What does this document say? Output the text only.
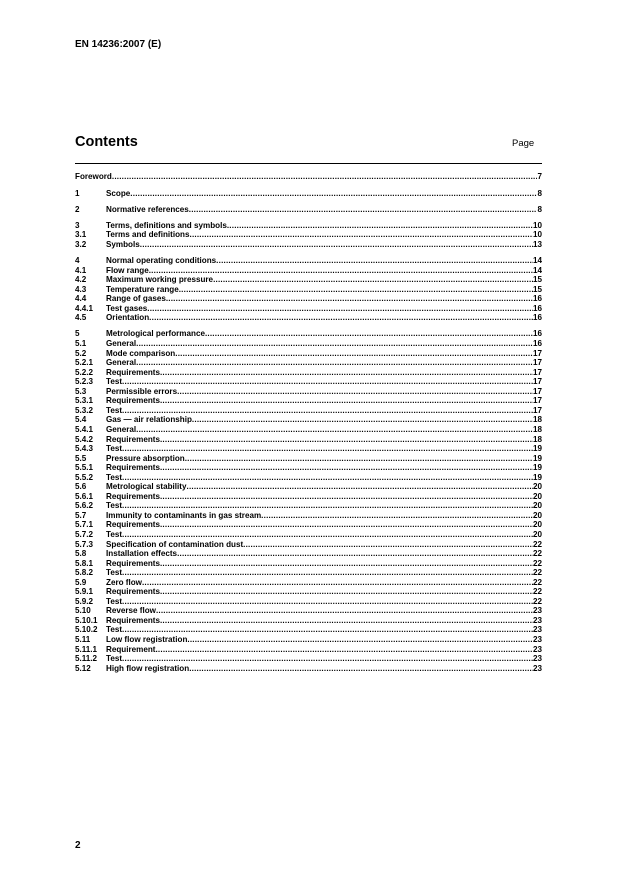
EN 14236:2007 (E)
Contents	Page
Foreword .....	7
1	Scope .....	8
2	Normative references .....	8
3	Terms, definitions and symbols .....	10
3.1	Terms and definitions .....	10
3.2	Symbols .....	13
4	Normal operating conditions .....	14
4.1	Flow range .....	14
4.2	Maximum working pressure .....	15
4.3	Temperature range .....	15
4.4	Range of gases .....	16
4.4.1	Test gases .....	16
4.5	Orientation .....	16
5	Metrological performance .....	16
5.1	General .....	16
5.2	Mode comparison .....	17
5.2.1	General .....	17
5.2.2	Requirements .....	17
5.2.3	Test .....	17
5.3	Permissible errors .....	17
5.3.1	Requirements .....	17
5.3.2	Test .....	17
5.4	Gas — air relationship .....	18
5.4.1	General .....	18
5.4.2	Requirements .....	18
5.4.3	Test .....	19
5.5	Pressure absorption .....	19
5.5.1	Requirements .....	19
5.5.2	Test .....	19
5.6	Metrological stability .....	20
5.6.1	Requirements .....	20
5.6.2	Test .....	20
5.7	Immunity to contaminants in gas stream .....	20
5.7.1	Requirements .....	20
5.7.2	Test .....	20
5.7.3	Specification of contamination dust .....	22
5.8	Installation effects .....	22
5.8.1	Requirements .....	22
5.8.2	Test .....	22
5.9	Zero flow .....	22
5.9.1	Requirements .....	22
5.9.2	Test .....	22
5.10	Reverse flow .....	23
5.10.1	Requirements .....	23
5.10.2	Test .....	23
5.11	Low flow registration .....	23
5.11.1	Requirement .....	23
5.11.2	Test .....	23
5.12	High flow registration .....	23
2
